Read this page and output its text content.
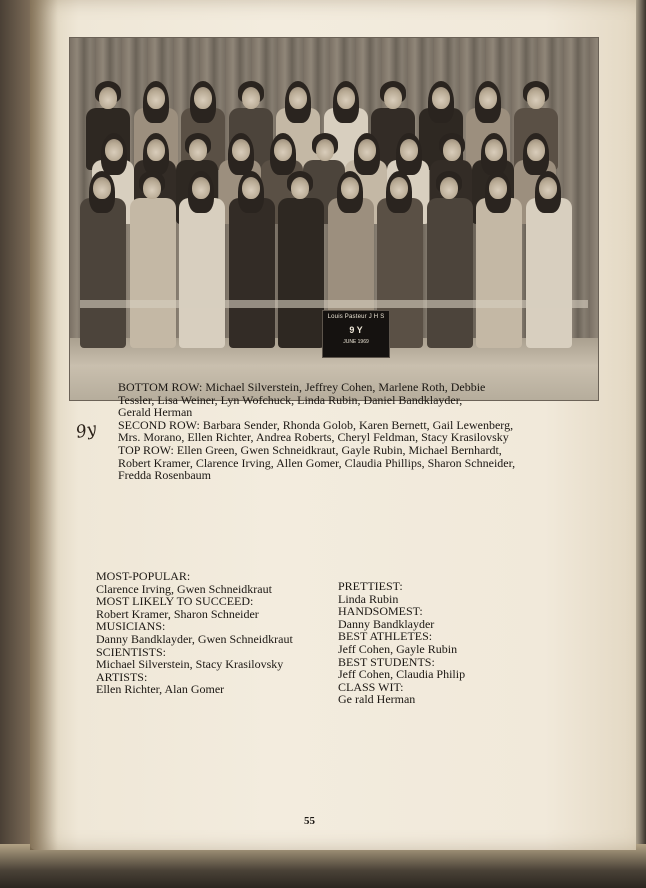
Louis Pasteur J H S
9 Y
JUNE 1969
BOTTOM ROW: Michael Silverstein, Jeffrey Cohen, Marlene Roth, Debbie
Tessler, Lisa Weiner, Lyn Wofchuck, Linda Rubin, Daniel Bandklayder,
Gerald Herman
SECOND ROW: Barbara Sender, Rhonda Golob, Karen Bernett, Gail Lewenberg,
Mrs. Morano, Ellen Richter, Andrea Roberts, Cheryl Feldman, Stacy Krasilovsky
TOP ROW: Ellen Green, Gwen Schneidkraut, Gayle Rubin, Michael Bernhardt,
Robert Kramer, Clarence Irving, Allen Gomer, Claudia Phillips, Sharon Schneider,
Fredda Rosenbaum
9y
MOST-POPULAR:
Clarence Irving, Gwen Schneidkraut
MOST LIKELY TO SUCCEED:
Robert Kramer, Sharon Schneider
MUSICIANS:
Danny Bandklayder, Gwen Schneidkraut
SCIENTISTS:
Michael Silverstein, Stacy Krasilovsky
ARTISTS:
Ellen Richter, Alan Gomer
PRETTIEST:
Linda Rubin
HANDSOMEST:
Danny Bandklayder
BEST ATHLETES:
Jeff Cohen, Gayle Rubin
BEST STUDENTS:
Jeff Cohen, Claudia Philip
CLASS WIT:
Ge rald Herman
55
